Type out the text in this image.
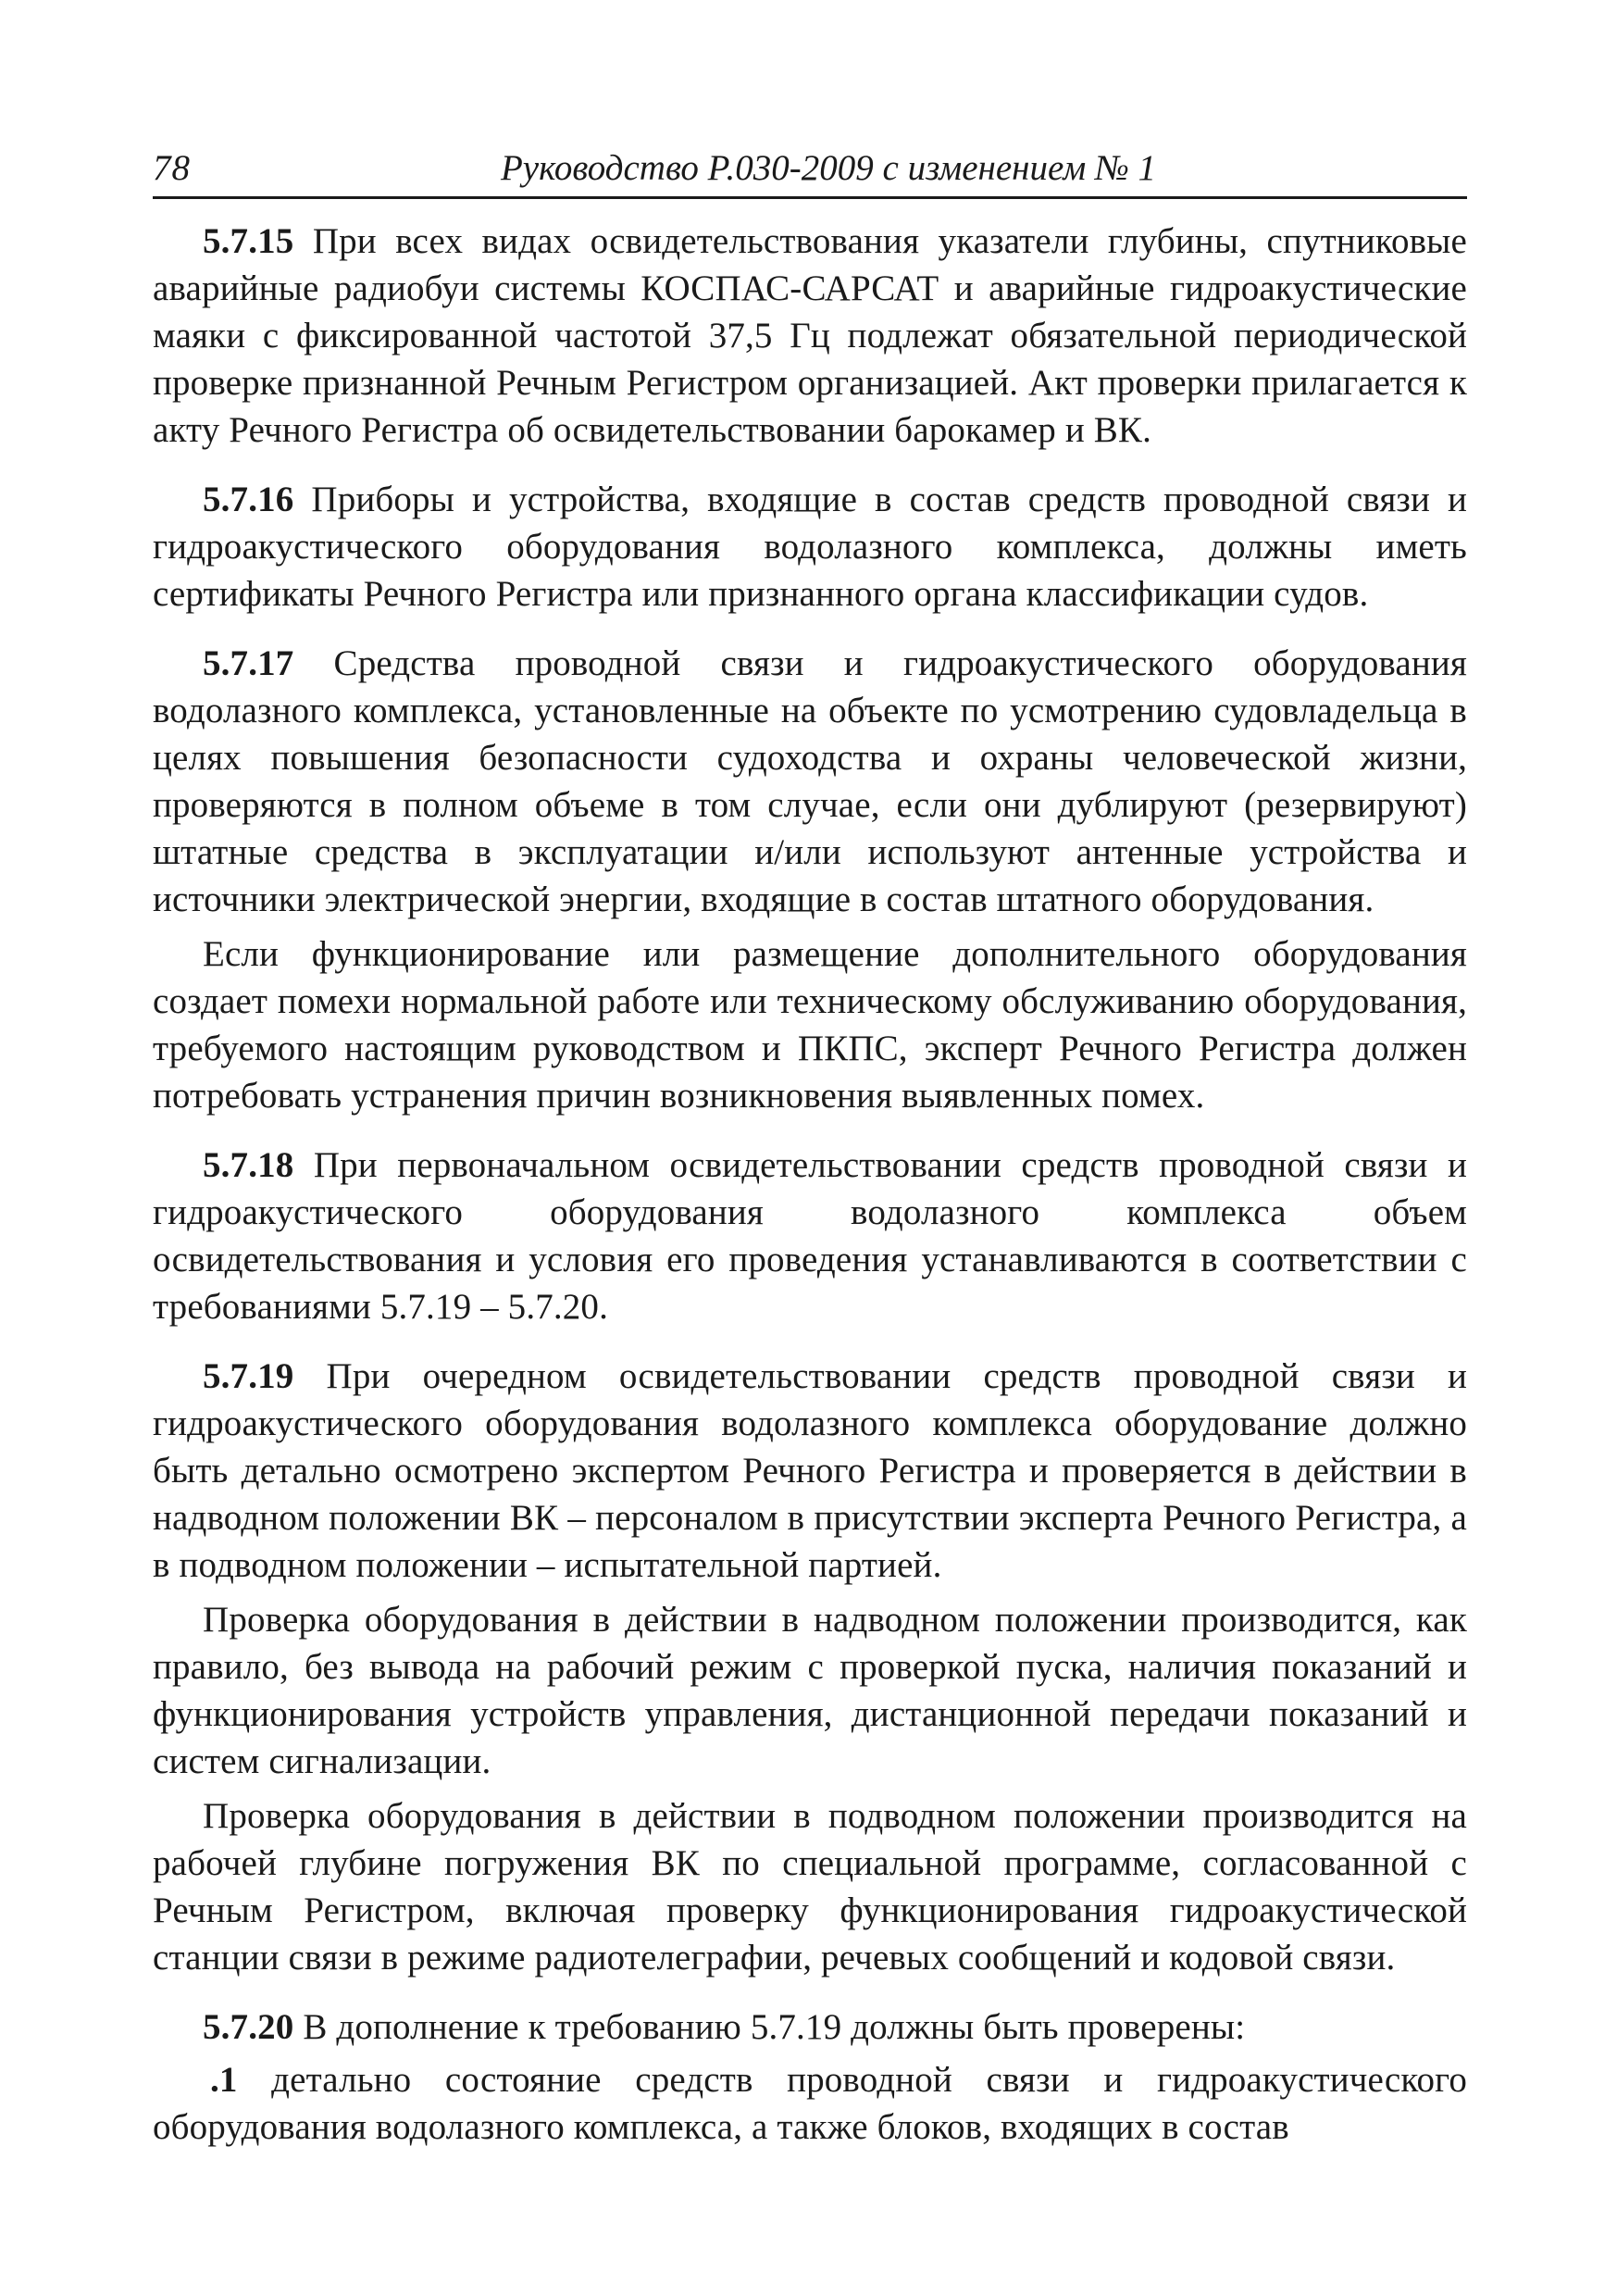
78	Руководство Р.030-2009 с изменением № 1

5.7.15 При всех видах освидетельствования указатели глубины, спутниковые аварийные радиобуи системы КОСПАС-САРСАТ и аварийные гидроакустические маяки с фиксированной частотой 37,5 Гц подлежат обязательной периодической проверке признанной Речным Регистром организацией. Акт проверки прилагается к акту Речного Регистра об освидетельствовании барокамер и ВК.

5.7.16 Приборы и устройства, входящие в состав средств проводной связи и гидроакустического оборудования водолазного комплекса, должны иметь сертификаты Речного Регистра или признанного органа классификации судов.

5.7.17 Средства проводной связи и гидроакустического оборудования водолазного комплекса, установленные на объекте по усмотрению судовладельца в целях повышения безопасности судоходства и охраны человеческой жизни, проверяются в полном объеме в том случае, если они дублируют (резервируют) штатные средства в эксплуатации и/или используют антенные устройства и источники электрической энергии, входящие в состав штатного оборудования.

Если функционирование или размещение дополнительного оборудования создает помехи нормальной работе или техническому обслуживанию оборудования, требуемого настоящим руководством и ПКПС, эксперт Речного Регистра должен потребовать устранения причин возникновения выявленных помех.

5.7.18 При первоначальном освидетельствовании средств проводной связи и гидроакустического оборудования водолазного комплекса объем освидетельствования и условия его проведения устанавливаются в соответствии с требованиями 5.7.19 – 5.7.20.

5.7.19 При очередном освидетельствовании средств проводной связи и гидроакустического оборудования водолазного комплекса оборудование должно быть детально осмотрено экспертом Речного Регистра и проверяется в действии в надводном положении ВК – персоналом в присутствии эксперта Речного Регистра, а в подводном положении – испытательной партией.

Проверка оборудования в действии в надводном положении производится, как правило, без вывода на рабочий режим с проверкой пуска, наличия показаний и функционирования устройств управления, дистанционной передачи показаний и систем сигнализации.

Проверка оборудования в действии в подводном положении производится на рабочей глубине погружения ВК по специальной программе, согласованной с Речным Регистром, включая проверку функционирования гидроакустической станции связи в режиме радиотелеграфии, речевых сообщений и кодовой связи.

5.7.20 В дополнение к требованию 5.7.19 должны быть проверены:

.1 детально состояние средств проводной связи и гидроакустического оборудования водолазного комплекса, а также блоков, входящих в состав
